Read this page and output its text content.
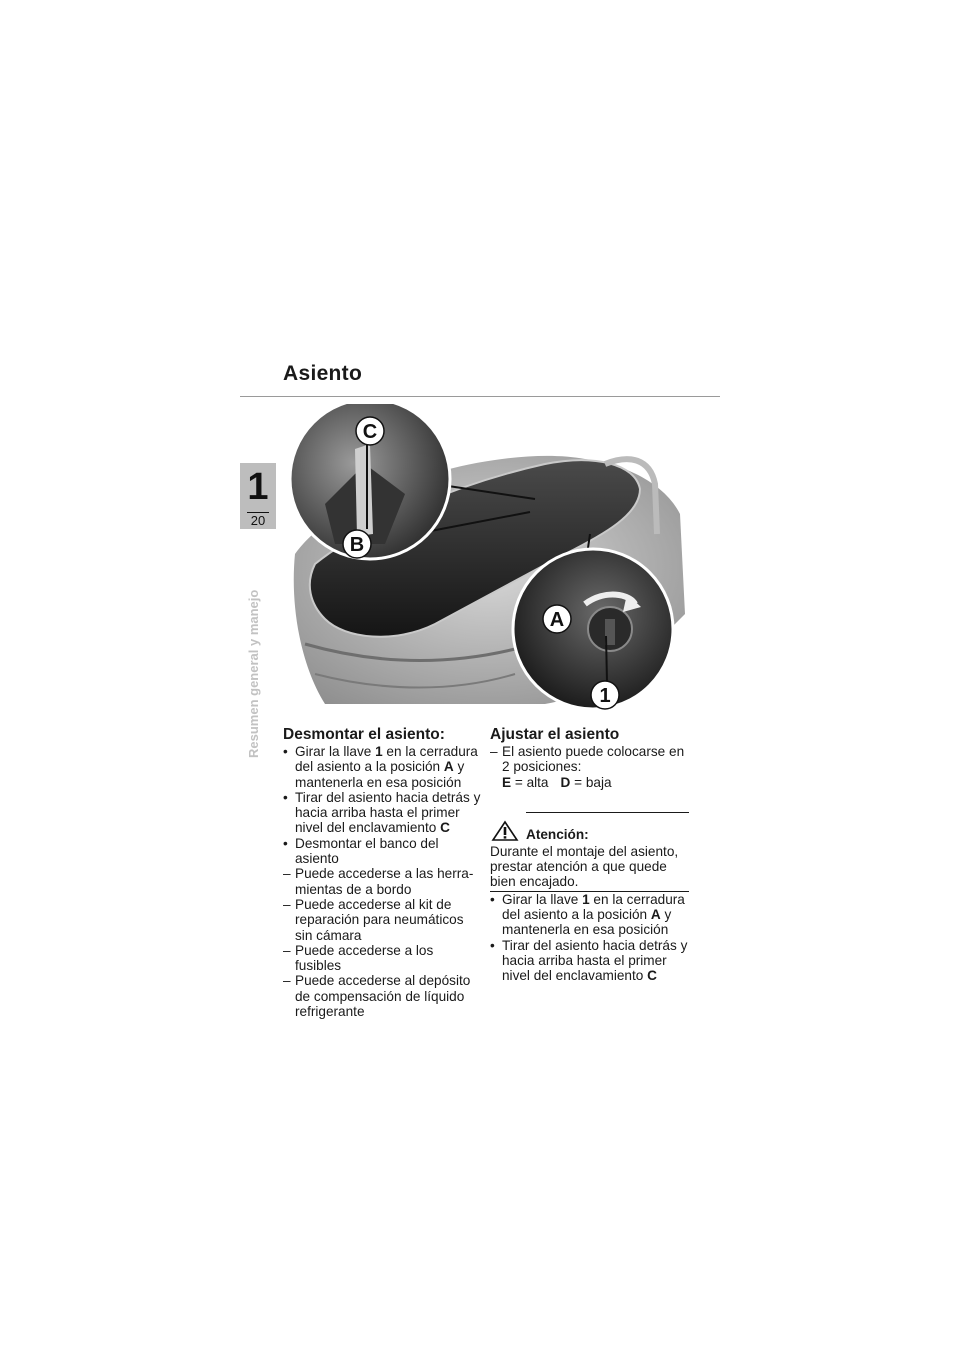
Asiento
1
20
Resumen general y manejo
C
B
A
1
Desmontar el asiento:
• Girar la llave 1 en la cerradura del asiento a la posición A y mantenerla en esa posición
• Tirar del asiento hacia detrás y hacia arriba hasta el primer nivel del enclavamiento C
• Desmontar el banco del asiento
– Puede accederse a las herramientas de a bordo
– Puede accederse al kit de reparación para neumáticos sin cámara
– Puede accederse a los fusibles
– Puede accederse al depósito de compensación de líquido refrigerante
Ajustar el asiento
– El asiento puede colocarse en 2 posiciones:
E = alta D = baja
Atención:
Durante el montaje del asiento, prestar atención a que quede bien encajado.
• Girar la llave 1 en la cerradura del asiento a la posición A y mantenerla en esa posición
• Tirar del asiento hacia detrás y hacia arriba hasta el primer nivel del enclavamiento C
